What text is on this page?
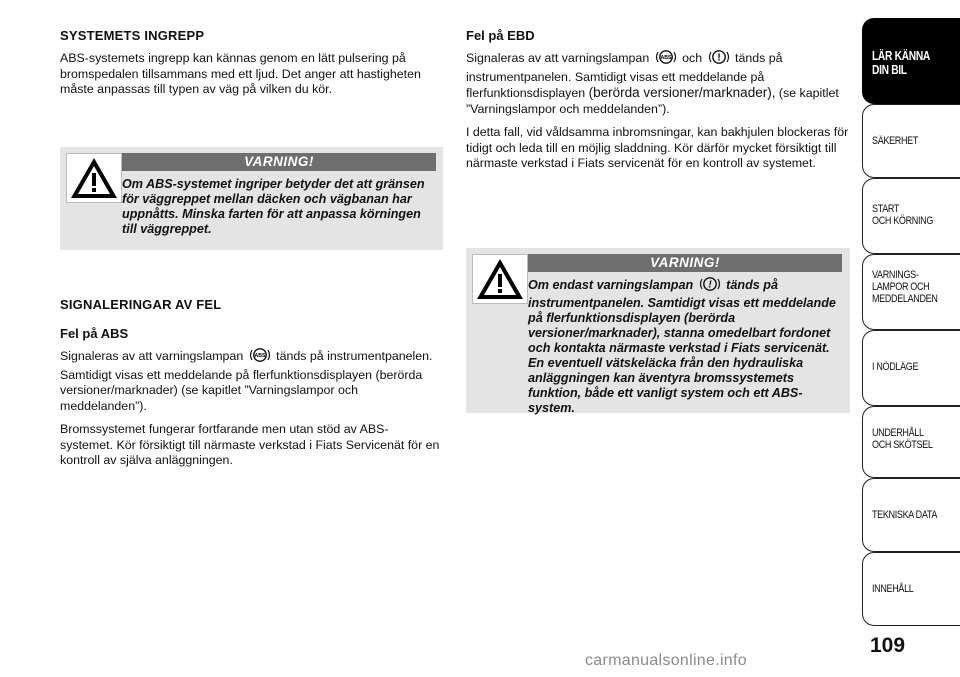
SYSTEMETS INGREPP

ABS-systemets ingrepp kan kännas genom en lätt pulsering på bromspedalen tillsammans med ett ljud. Det anger att hastigheten måste anpassas till typen av väg på vilken du kör.

VARNING!
Om ABS-systemet ingriper betyder det att gränsen för väggreppet mellan däcken och vägbanan har uppnåtts. Minska farten för att anpassa körningen till väggreppet.
SIGNALERINGAR AV FEL
Fel på ABS

Signaleras av att varningslampan ABS tänds på instrumentpanelen. Samtidigt visas ett meddelande på flerfunktionsdisplayen (berörda versioner/marknader) (se kapitlet ”Varningslampor och meddelanden”).

Bromssystemet fungerar fortfarande men utan stöd av ABS-systemet. Kör försiktigt till närmaste verkstad i Fiats Servicenät för en kontroll av själva anläggningen.

Fel på EBD

Signaleras av att varningslampan ABS och ! tänds på instrumentpanelen. Samtidigt visas ett meddelande på flerfunktionsdisplayen (berörda versioner/marknader), (se kapitlet ”Varningslampor och meddelanden”).

I detta fall, vid våldsamma inbromsningar, kan bakhjulen blockeras för tidigt och leda till en möjlig sladdning. Kör därför mycket försiktigt till närmaste verkstad i Fiats servicenät för en kontroll av systemet.

VARNING!
Om endast varningslampan ! tänds på instrumentpanelen. Samtidigt visas ett meddelande på flerfunktionsdisplayen (berörda versioner/marknader), stanna omedelbart fordonet och kontakta närmaste verkstad i Fiats servicenät. En eventuell vätskeläcka från den hydrauliska anläggningen kan äventyra bromssystemets funktion, både ett vanligt system och ett ABS-system.
LÄR KÄNNA
DIN BIL
SÄKERHET
START
OCH KÖRNING
VARNINGS-
LAMPOR OCH
MEDDELANDEN
I NÖDLÄGE
UNDERHÅLL
OCH SKÖTSEL
TEKNISKA DATA
INNEHÅLL
109
carmanualsonline.info
